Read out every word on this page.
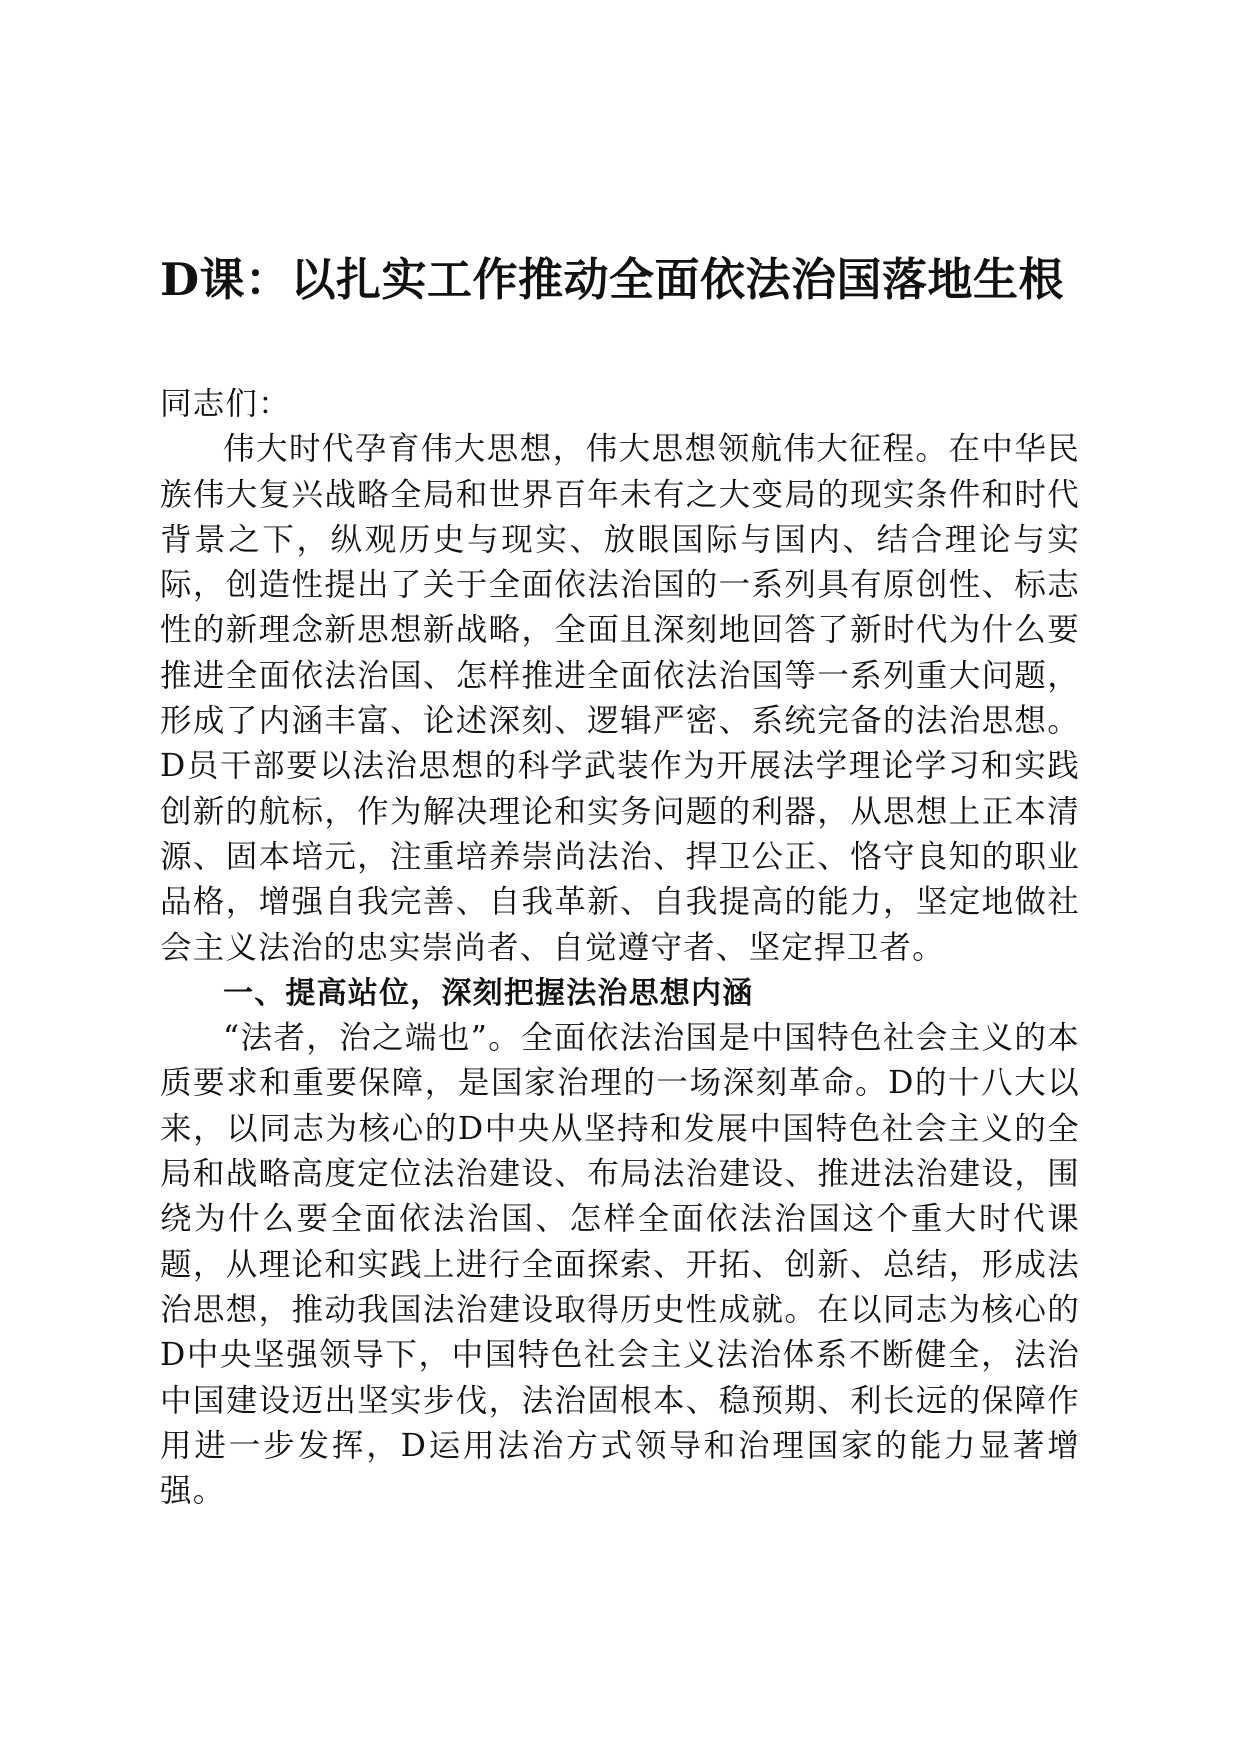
D课：以扎实工作推动全面依法治国落地生根

同志们：

伟大时代孕育伟大思想，伟大思想领航伟大征程。在中华民族伟大复兴战略全局和世界百年未有之大变局的现实条件和时代背景之下，纵观历史与现实、放眼国际与国内、结合理论与实际，创造性提出了关于全面依法治国的一系列具有原创性、标志性的新理念新思想新战略，全面且深刻地回答了新时代为什么要推进全面依法治国、怎样推进全面依法治国等一系列重大问题，形成了内涵丰富、论述深刻、逻辑严密、系统完备的法治思想。D员干部要以法治思想的科学武装作为开展法学理论学习和实践创新的航标，作为解决理论和实务问题的利器，从思想上正本清源、固本培元，注重培养崇尚法治、捍卫公正、恪守良知的职业品格，增强自我完善、自我革新、自我提高的能力，坚定地做社会主义法治的忠实崇尚者、自觉遵守者、坚定捍卫者。

一、提高站位，深刻把握法治思想内涵

“法者，治之端也”。全面依法治国是中国特色社会主义的本质要求和重要保障，是国家治理的一场深刻革命。D的十八大以来，以同志为核心的D中央从坚持和发展中国特色社会主义的全局和战略高度定位法治建设、布局法治建设、推进法治建设，围绕为什么要全面依法治国、怎样全面依法治国这个重大时代课题，从理论和实践上进行全面探索、开拓、创新、总结，形成法治思想，推动我国法治建设取得历史性成就。在以同志为核心的D中央坚强领导下，中国特色社会主义法治体系不断健全，法治中国建设迈出坚实步伐，法治固根本、稳预期、利长远的保障作用进一步发挥，D运用法治方式领导和治理国家的能力显著增强。
